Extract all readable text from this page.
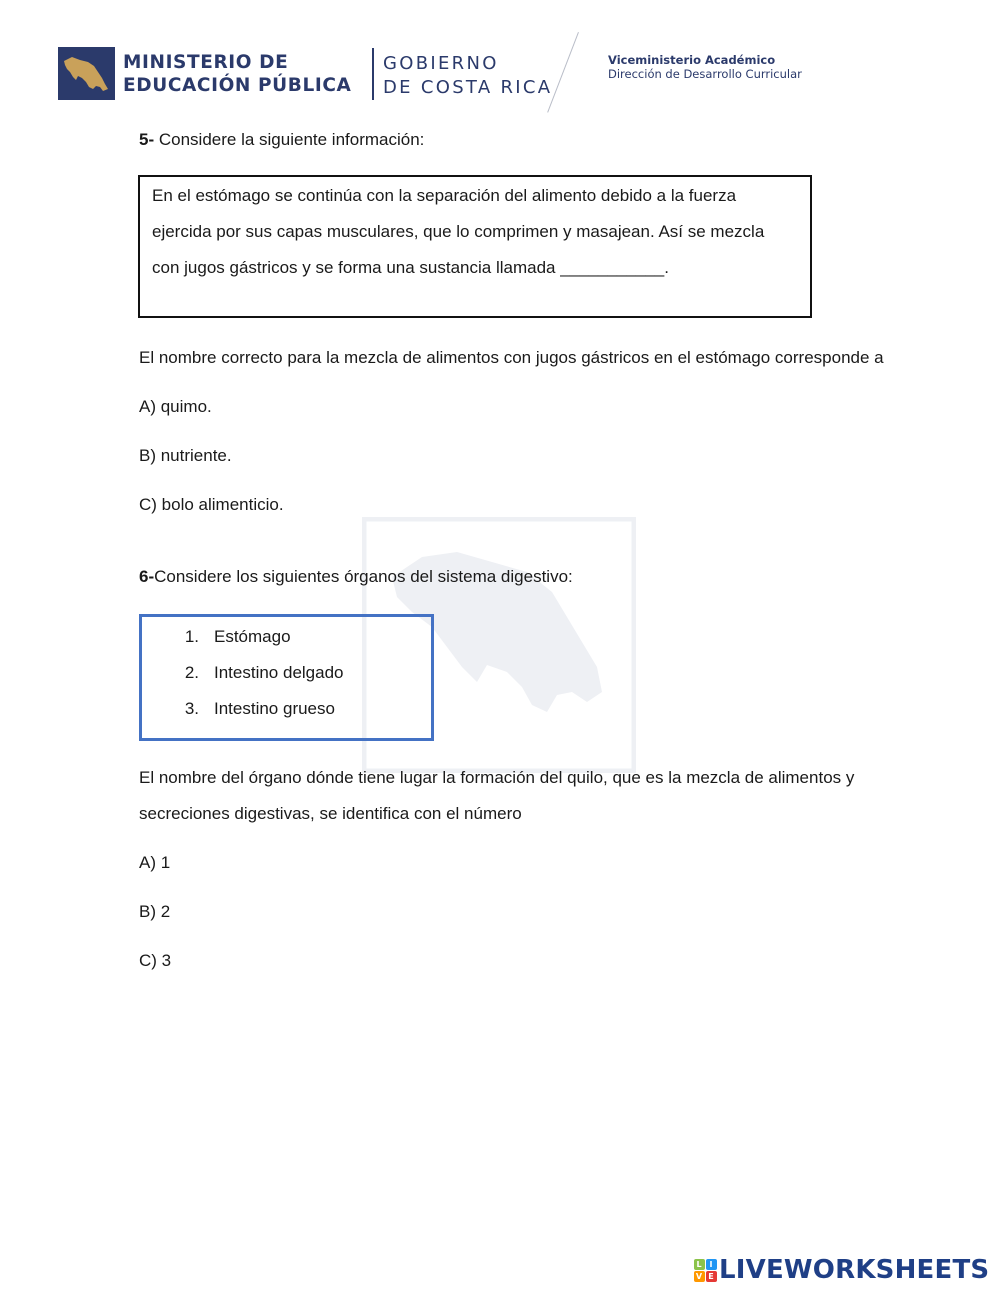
MINISTERIO DE
EDUCACIÓN PÚBLICA
GOBIERNO
DE COSTA RICA
Viceministerio Académico
Dirección de Desarrollo Curricular
5- Considere la siguiente información:
En el estómago se continúa con la separación del alimento debido a la fuerza
ejercida por sus capas musculares, que lo comprimen y masajean. Así se mezcla
con jugos gástricos y se forma una sustancia llamada ___________.
El nombre correcto para la mezcla de alimentos con jugos gástricos en el estómago corresponde a
A) quimo.
B) nutriente.
C) bolo alimenticio.
6-Considere los siguientes órganos del sistema digestivo:
1. Estómago
2. Intestino delgado
3. Intestino grueso
El nombre del órgano dónde tiene lugar la formación del quilo, que es la mezcla de alimentos y
secreciones digestivas, se identifica con el número
A) 1
B) 2
C) 3
L I
V E LIVEWORKSHEETS
